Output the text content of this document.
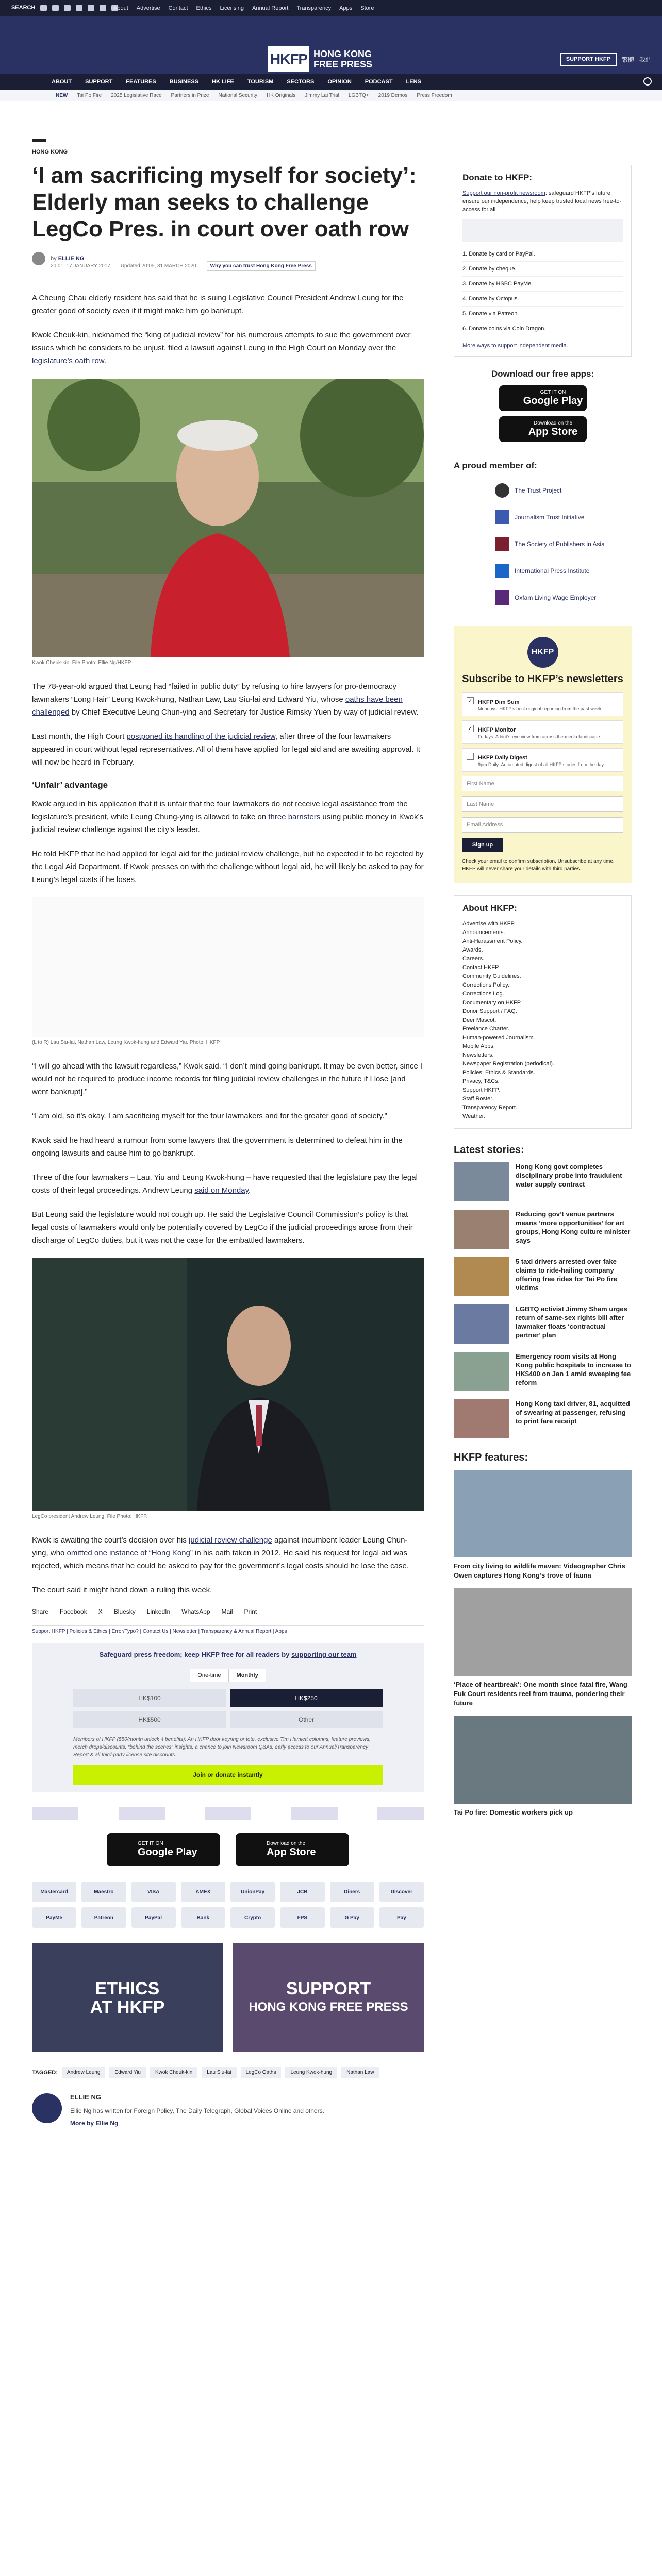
SEARCH	About Advertise Contact Ethics Licensing Annual Report Transparency Apps Store
HKFP HONG KONG
FREE PRESS	SUPPORT HKFP	繁體 我們
ABOUT SUPPORT FEATURES BUSINESS HK LIFE TOURISM SECTORS OPINION PODCAST LENS
NEW Tai Po Fire 2025 Legislative Race Partners in Prize National Security HK Originals Jimmy Lai Trial LGBTQ+ 2019 Demos Press Freedom
HONG KONG
‘I am sacrificing myself for society’: Elderly man seeks to challenge LegCo Pres. in court over oath row
by ELLIE NG
20:01, 17 JANUARY 2017 Updated 20:05, 31 MARCH 2020	Why you can trust Hong Kong Free Press

A Cheung Chau elderly resident has said that he is suing Legislative Council President Andrew Leung for the greater good of society even if it might make him go bankrupt.

Kwok Cheuk-kin, nicknamed the “king of judicial review” for his numerous attempts to sue the government over issues which he considers to be unjust, filed a lawsuit against Leung in the High Court on Monday over the legislature’s oath row.

Kwok Cheuk-kin. File Photo: Ellie Ng/HKFP.

The 78-year-old argued that Leung had “failed in public duty” by refusing to hire lawyers for pro-democracy lawmakers “Long Hair” Leung Kwok-hung, Nathan Law, Lau Siu-lai and Edward Yiu, whose oaths have been challenged by Chief Executive Leung Chun-ying and Secretary for Justice Rimsky Yuen by way of judicial review.

Last month, the High Court postponed its handling of the judicial review, after three of the four lawmakers appeared in court without legal representatives. All of them have applied for legal aid and are awaiting approval. It will now be heard in February.

‘Unfair’ advantage

Kwok argued in his application that it is unfair that the four lawmakers do not receive legal assistance from the legislature’s president, while Leung Chung-ying is allowed to take on three barristers using public money in Kwok’s judicial review challenge against the city’s leader.

He told HKFP that he had applied for legal aid for the judicial review challenge, but he expected it to be rejected by the Legal Aid Department. If Kwok presses on with the challenge without legal aid, he will likely be asked to pay for Leung’s legal costs if he loses.

(L to R) Lau Siu-lai, Nathan Law, Leung Kwok-hung and Edward Yiu. Photo: HKFP.

“I will go ahead with the lawsuit regardless,” Kwok said. “I don’t mind going bankrupt. It may be even better, since I would not be required to produce income records for filing judicial review challenges in the future if I lose [and went bankrupt].”

“I am old, so it’s okay. I am sacrificing myself for the four lawmakers and for the greater good of society.”

Kwok said he had heard a rumour from some lawyers that the government is determined to defeat him in the ongoing lawsuits and cause him to go bankrupt.

Three of the four lawmakers – Lau, Yiu and Leung Kwok-hung – have requested that the legislature pay the legal costs of their legal proceedings. Andrew Leung said on Monday.

But Leung said the legislature would not cough up. He said the Legislative Council Commission’s policy is that legal costs of lawmakers would only be potentially covered by LegCo if the judicial proceedings arose from their discharge of LegCo duties, but it was not the case for the embattled lawmakers.

LegCo president Andrew Leung. File Photo: HKFP.

Kwok is awaiting the court’s decision over his judicial review challenge against incumbent leader Leung Chun-ying, who omitted one instance of “Hong Kong” in his oath taken in 2012. He said his request for legal aid was rejected, which means that he could be asked to pay for the government’s legal costs should he lose the case.

The court said it might hand down a ruling this week.

Share Facebook X Bluesky LinkedIn WhatsApp Mail Print
Support HKFP | Policies & Ethics | Error/Typo? | Contact Us | Newsletter | Transparency & Annual Report | Apps
Safeguard press freedom; keep HKFP free for all readers by supporting our team
One-time	Monthly
HK$100	HK$250
HK$500	Other
Members of HKFP ($50/month unlock 4 benefits): An HKFP door keyring or tote, exclusive Tim Hamlett columns, feature previews, merch drops/discounts, “behind the scenes” insights, a chance to join Newsroom Q&As, early access to our Annual/Transparency Report & all third-party license site discounts.
Join or donate instantly
GET IT ON
Google Play
Download on the
App Store
Mastercard	Maestro	VISA	AMEX	UnionPay	JCB	Diners	Discover
PayMe	Patreon	PayPal	Bank	Crypto	FPS	G Pay	Pay
ETHICS
AT HKFP
SUPPORT
HONG KONG FREE PRESS
TAGGED:	Andrew Leung	Edward Yiu	Kwok Cheuk-kin	Lau Siu-lai	LegCo Oaths	Leung Kwok-hung	Nathan Law
ELLIE NG
Ellie Ng has written for Foreign Policy, The Daily Telegraph, Global Voices Online and others.
More by Ellie Ng
Donate to HKFP:
Support our non-profit newsroom: safeguard HKFP's future, ensure our independence, help keep trusted local news free-to-access for all.
1. Donate by card or PayPal.
2. Donate by cheque.
3. Donate by HSBC PayMe.
4. Donate by Octopus.
5. Donate via Patreon.
6. Donate coins via Coin Dragon.
More ways to support independent media.
Download our free apps:
GET IT ON
Google Play
Download on the
App Store
A proud member of:
The Trust Project
Journalism Trust Initiative
The Society of Publishers in Asia
International Press Institute
Oxfam Living Wage Employer
HKFP
Subscribe to HKFP’s newsletters
✓ HKFP Dim Sum
Mondays: HKFP's best original reporting from the past week.
✓ HKFP Monitor
Fridays: A bird's-eye view from across the media landscape.
HKFP Daily Digest
9pm Daily: Automated digest of all HKFP stories from the day.
First Name
Last Name
Email Address
Sign up
Check your email to confirm subscription. Unsubscribe at any time. HKFP will never share your details with third parties.
About HKFP:
Advertise with HKFP.
Announcements.
Anti-Harassment Policy.
Awards.
Careers.
Contact HKFP.
Community Guidelines.
Corrections Policy.
Corrections Log.
Documentary on HKFP.
Donor Support / FAQ.
Deer Mascot.
Freelance Charter.
Human-powered Journalism.
Mobile Apps.
Newsletters.
Newspaper Registration (periodical).
Policies: Ethics & Standards.
Privacy, T&Cs.
Support HKFP.
Staff Roster.
Transparency Report.
Weather.
Latest stories:
Hong Kong govt completes disciplinary probe into fraudulent water supply contract
Reducing gov’t venue partners means ‘more opportunities’ for art groups, Hong Kong culture minister says
5 taxi drivers arrested over fake claims to ride-hailing company offering free rides for Tai Po fire victims
LGBTQ activist Jimmy Sham urges return of same-sex rights bill after lawmaker floats ‘contractual partner’ plan
Emergency room visits at Hong Kong public hospitals to increase to HK$400 on Jan 1 amid sweeping fee reform
Hong Kong taxi driver, 81, acquitted of swearing at passenger, refusing to print fare receipt
HKFP features:
From city living to wildlife maven: Videographer Chris Owen captures Hong Kong’s trove of fauna
‘Place of heartbreak’: One month since fatal fire, Wang Fuk Court residents reel from trauma, pondering their future
Tai Po fire: Domestic workers pick up
